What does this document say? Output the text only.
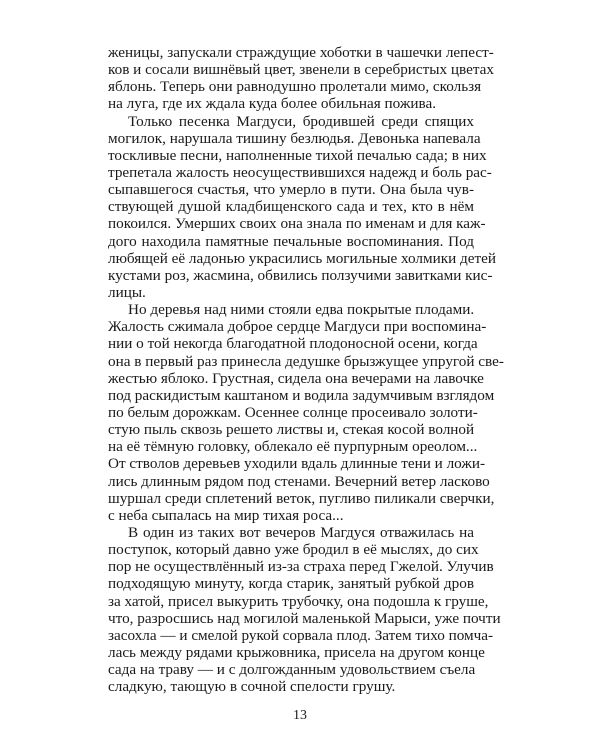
женицы, запускали страждущие хоботки в чашечки лепест-
ков и сосали вишнёвый цвет, звенели в серебристых цветах
яблонь. Теперь они равнодушно пролетали мимо, скользя
на луга, где их ждала куда более обильная пожива.
Только песенка Магдуси, бродившей среди спящих
могилок, нарушала тишину безлюдья. Девонька напевала
тоскливые песни, наполненные тихой печалью сада; в них
трепетала жалость неосуществившихся надежд и боль рас-
сыпавшегося счастья, что умерло в пути. Она была чув-
ствующей душой кладбищенского сада и тех, кто в нём
покоился. Умерших своих она знала по именам и для каж-
дого находила памятные печальные воспоминания. Под
любящей её ладонью украсились могильные холмики детей
кустами роз, жасмина, обвились ползучими завитками кис-
лицы.
Но деревья над ними стояли едва покрытые плодами.
Жалость сжимала доброе сердце Магдуси при воспомина-
нии о той некогда благодатной плодоносной осени, когда
она в первый раз принесла дедушке брызжущее упругой све-
жестью яблоко. Грустная, сидела она вечерами на лавочке
под раскидистым каштаном и водила задумчивым взглядом
по белым дорожкам. Осеннее солнце просеивало золоти-
стую пыль сквозь решето листвы и, стекая косой волной
на её тёмную головку, облекало её пурпурным ореолом...
От стволов деревьев уходили вдаль длинные тени и ложи-
лись длинным рядом под стенами. Вечерний ветер ласково
шуршал среди сплетений веток, пугливо пиликали сверчки,
с неба сыпалась на мир тихая роса...
В один из таких вот вечеров Магдуся отважилась на
поступок, который давно уже бродил в её мыслях, до сих
пор не осуществлённый из-за страха перед Гжелой. Улучив
подходящую минуту, когда старик, занятый рубкой дров
за хатой, присел выкурить трубочку, она подошла к груше,
что, разросшись над могилой маленькой Марыси, уже почти
засохла — и смелой рукой сорвала плод. Затем тихо помча-
лась между рядами крыжовника, присела на другом конце
сада на траву — и с долгожданным удовольствием съела
сладкую, тающую в сочной спелости грушу.
13
